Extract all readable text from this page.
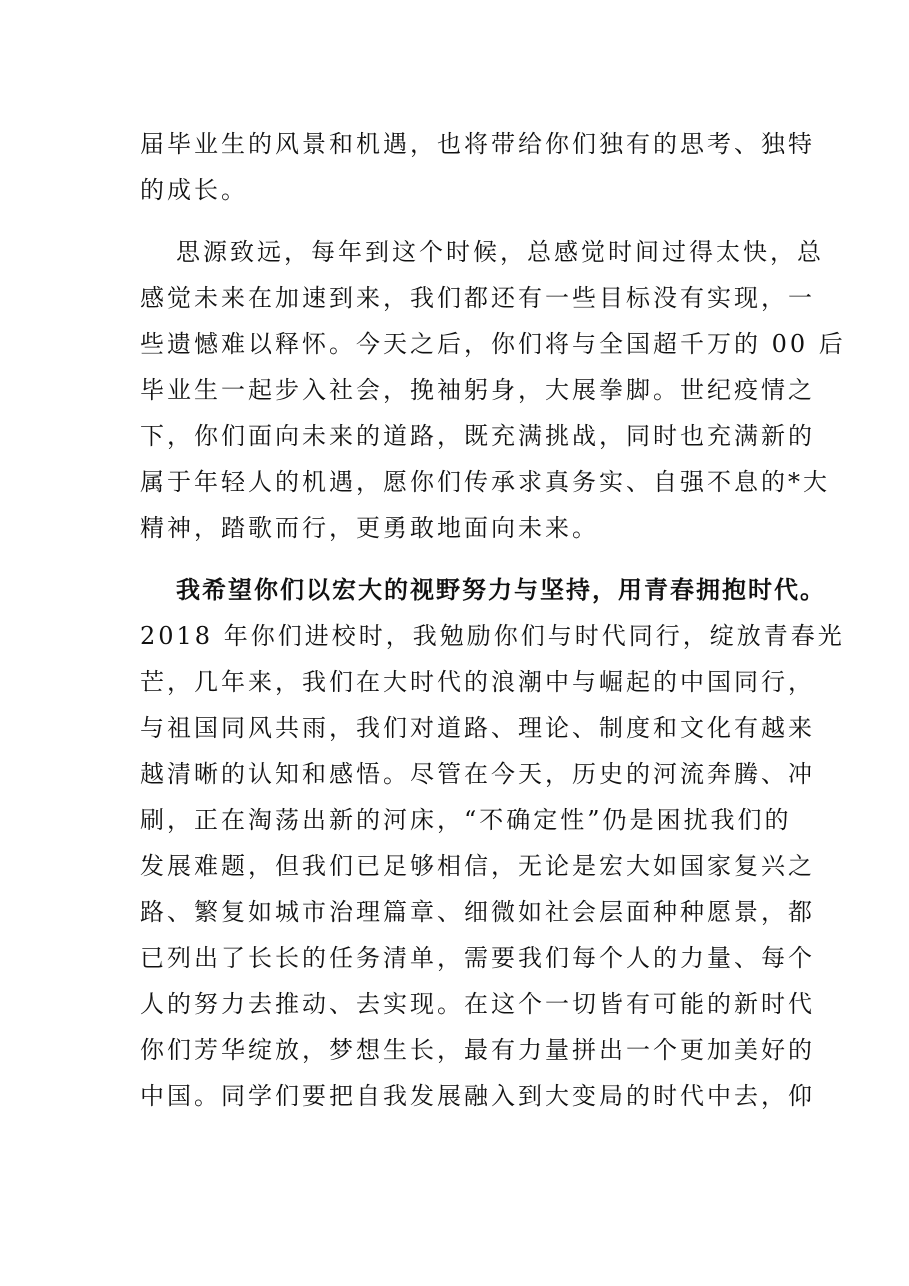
届毕业生的风景和机遇，也将带给你们独有的思考、独特
的成长。
思源致远，每年到这个时候，总感觉时间过得太快，总
感觉未来在加速到来，我们都还有一些目标没有实现，一
些遗憾难以释怀。今天之后，你们将与全国超千万的 00 后
毕业生一起步入社会，挽袖躬身，大展拳脚。世纪疫情之
下，你们面向未来的道路，既充满挑战，同时也充满新的
属于年轻人的机遇，愿你们传承求真务实、自强不息的*大
精神，踏歌而行，更勇敢地面向未来。
我希望你们以宏大的视野努力与坚持，用青春拥抱时代。
2018 年你们进校时，我勉励你们与时代同行，绽放青春光
芒，几年来，我们在大时代的浪潮中与崛起的中国同行，
与祖国同风共雨，我们对道路、理论、制度和文化有越来
越清晰的认知和感悟。尽管在今天，历史的河流奔腾、冲
刷，正在淘荡出新的河床，“不确定性”仍是困扰我们的
发展难题，但我们已足够相信，无论是宏大如国家复兴之
路、繁复如城市治理篇章、细微如社会层面种种愿景，都
已列出了长长的任务清单，需要我们每个人的力量、每个
人的努力去推动、去实现。在这个一切皆有可能的新时代
你们芳华绽放，梦想生长，最有力量拼出一个更加美好的
中国。同学们要把自我发展融入到大变局的时代中去，仰
